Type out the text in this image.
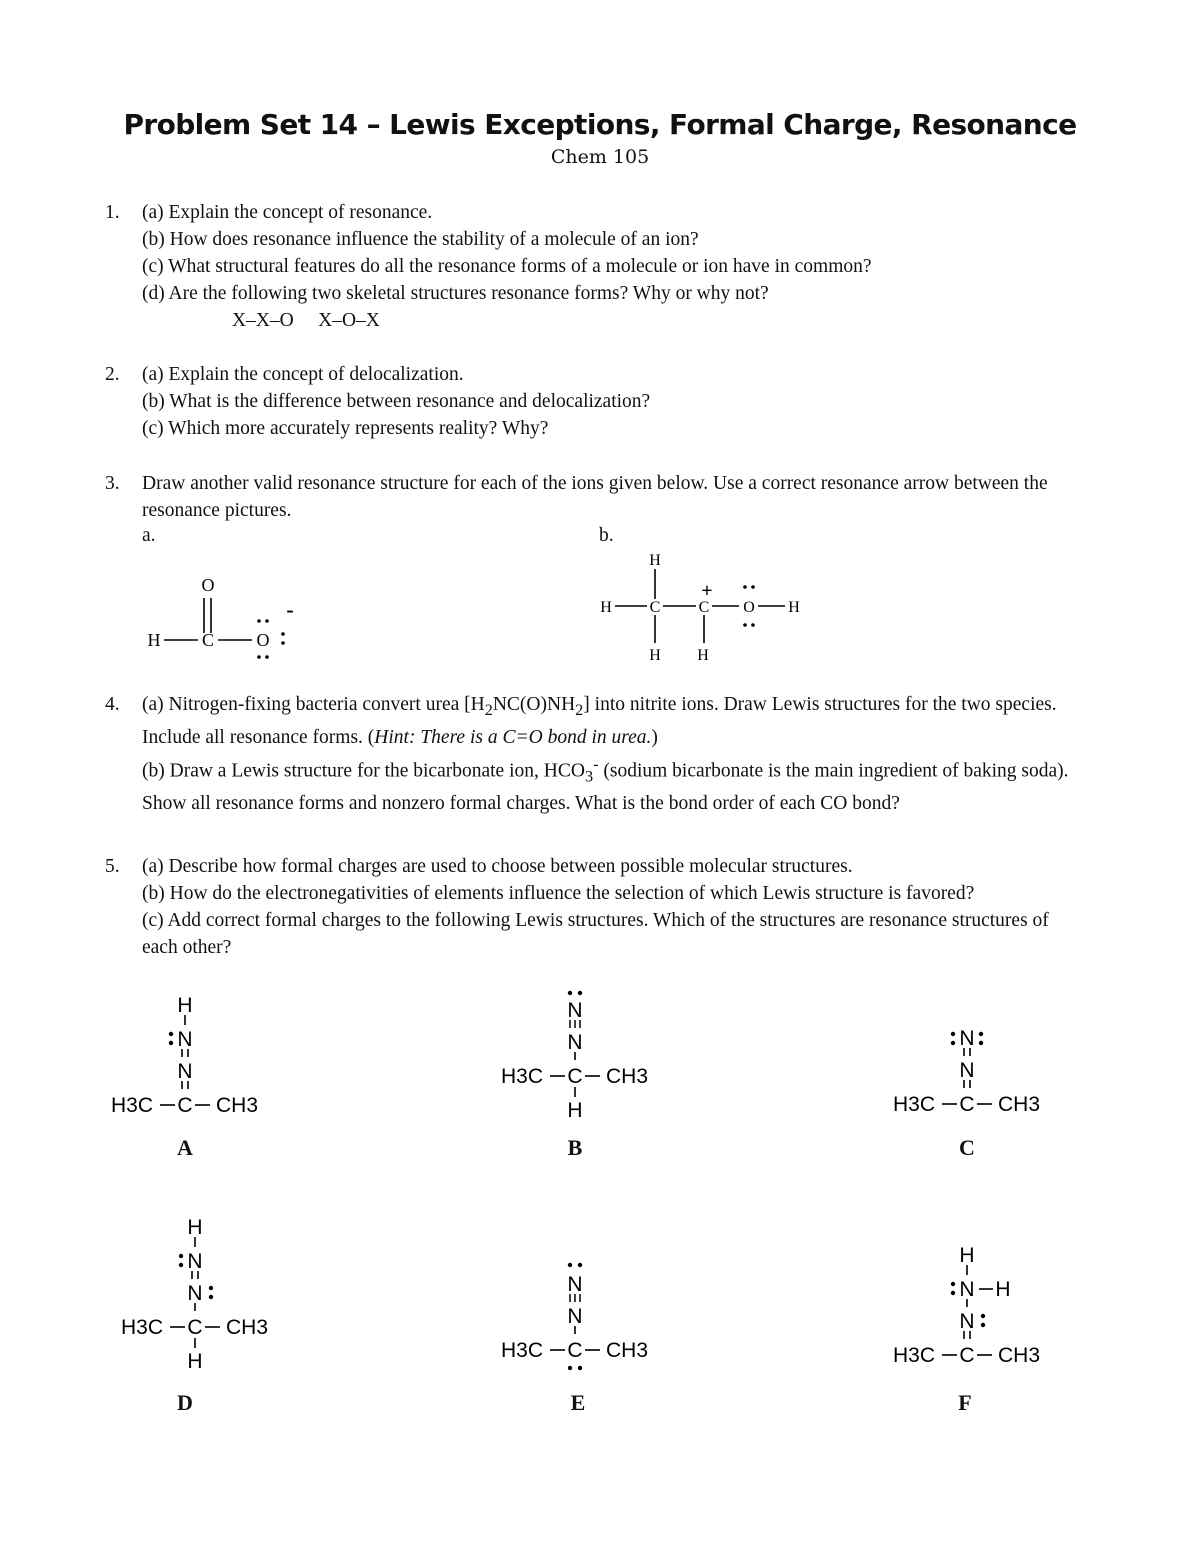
Problem Set 14 – Lewis Exceptions, Formal Charge, Resonance
Chem 105
1. (a) Explain the concept of resonance.
(b) How does resonance influence the stability of a molecule of an ion?
(c) What structural features do all the resonance forms of a molecule or ion have in common?
(d) Are the following two skeletal structures resonance forms? Why or why not?
X–X–O     X–O–X
2. (a) Explain the concept of delocalization.
(b) What is the difference between resonance and delocalization?
(c) Which more accurately represents reality? Why?
3. Draw another valid resonance structure for each of the ions given below. Use a correct resonance arrow between the resonance pictures.
a.	b.
O
H C O
-
H
H C C
+
O H
H H
4. (a) Nitrogen-fixing bacteria convert urea $[H_2NC(O)NH_2]$ into nitrite ions. Draw Lewis structures for the two species. Include all resonance forms. (Hint: There is a C=O bond in urea.)
(b) Draw a Lewis structure for the bicarbonate ion, $HCO_3^-$ (sodium bicarbonate is the main ingredient of baking soda). Show all resonance forms and nonzero formal charges. What is the bond order of each CO bond?
5. (a) Describe how formal charges are used to choose between possible molecular structures.
(b) How do the electronegativities of elements influence the selection of which Lewis structure is favored?
(c) Add correct formal charges to the following Lewis structures. Which of the structures are resonance structures of each other?
H
N
N
H3C C CH3
A
N
N
H3C C CH3
H
B
N
N
H3C C CH3
C
H
N
N
H3C C CH3
H
D
N
N
H3C C CH3
E
H
N H
N
H3C C CH3
F
